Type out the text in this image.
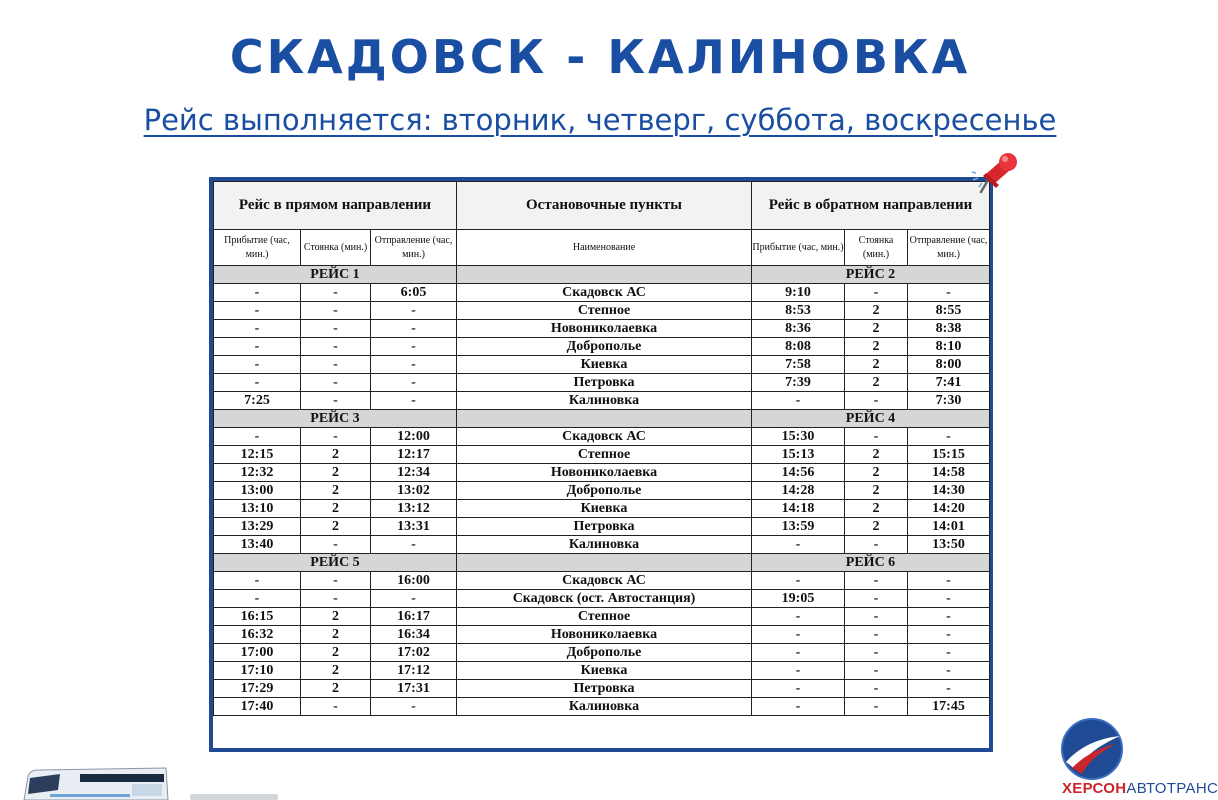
СКАДОВСК - КАЛИНОВКА
Рейс выполняется: вторник, четверг, суббота, воскресенье
Рейс в прямом направлении			Остановочные пункты	Рейс в обратном направлении		
Прибытие (час, мин.)	Стоянка (мин.)	Отправление (час, мин.)	Наименование	Прибытие (час, мин.)	Стоянка (мин.)	Отправление (час, мин.)
РЕЙС 1				РЕЙС 2		
-	-	6:05	Скадовск АС	9:10	-	-
-	-	-	Степное	8:53	2	8:55
-	-	-	Новониколаевка	8:36	2	8:38
-	-	-	Доброполье	8:08	2	8:10
-	-	-	Киевка	7:58	2	8:00
-	-	-	Петровка	7:39	2	7:41
7:25	-	-	Калиновка	-	-	7:30
РЕЙС 3				РЕЙС 4		
-	-	12:00	Скадовск АС	15:30	-	-
12:15	2	12:17	Степное	15:13	2	15:15
12:32	2	12:34	Новониколаевка	14:56	2	14:58
13:00	2	13:02	Доброполье	14:28	2	14:30
13:10	2	13:12	Киевка	14:18	2	14:20
13:29	2	13:31	Петровка	13:59	2	14:01
13:40	-	-	Калиновка	-	-	13:50
РЕЙС 5				РЕЙС 6		
-	-	16:00	Скадовск АС	-	-	-
-	-	-	Скадовск (ост. Автостанция)	19:05	-	-
16:15	2	16:17	Степное	-	-	-
16:32	2	16:34	Новониколаевка	-	-	-
17:00	2	17:02	Доброполье	-	-	-
17:10	2	17:12	Киевка	-	-	-
17:29	2	17:31	Петровка	-	-	-
17:40	-	-	Калиновка	-	-	17:45
ХЕРСОНАВТОТРАНС
